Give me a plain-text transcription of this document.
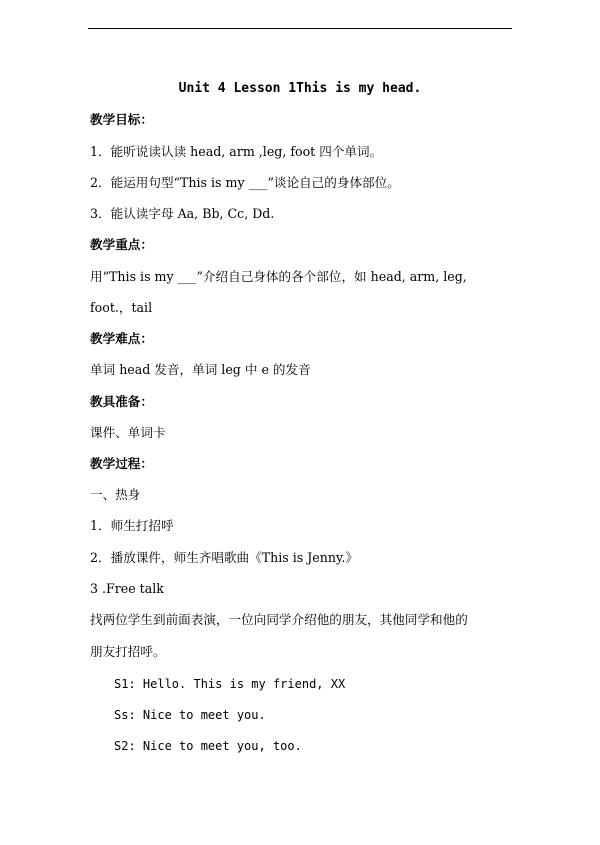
Unit 4 Lesson 1This is my head.

教学目标：

1．能听说读认读 head, arm ,leg, foot 四个单词。

2．能运用句型“This is my ___”谈论自己的身体部位。

3．能认读字母 Aa, Bb, Cc, Dd.

教学重点：

用“This is my ___”介绍自己身体的各个部位，如 head, arm, leg,

foot.，tail

教学难点：

单词 head 发音，单词 leg 中 e 的发音

教具准备：

课件、单词卡

教学过程：

一、热身

1．师生打招呼

2．播放课件，师生齐唱歌曲《This is Jenny.》

3 .Free talk

找两位学生到前面表演，一位向同学介绍他的朋友，其他同学和他的

朋友打招呼。

S1: Hello. This is my friend, XX

Ss: Nice to meet you.

S2: Nice to meet you, too.
